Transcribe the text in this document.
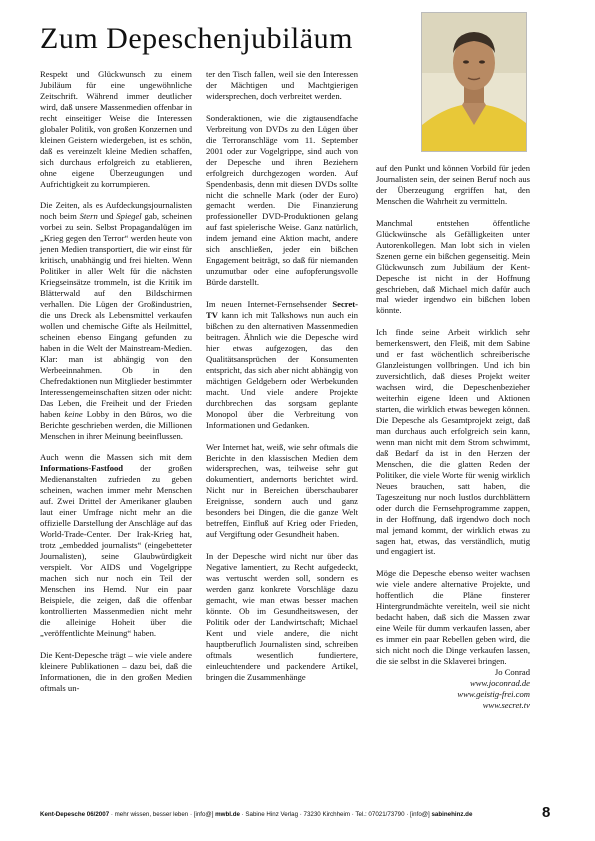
Zum Depeschenjubiläum

Respekt und Glückwunsch zu einem Jubiläum für eine ungewöhnliche Zeitschrift. Während immer deutlicher wird, daß unsere Massenmedien offenbar in recht einseitiger Weise die Interessen globaler Politik, von großen Konzernen und kleinen Geistern wiedergeben, ist es schön, daß es vereinzelt kleine Medien schaffen, sich durchaus erfolgreich zu etablieren, ohne eigene Überzeugungen und Aufrichtigkeit zu korrumpieren.

Die Zeiten, als es Aufdeckungsjournalisten noch beim Stern und Spiegel gab, scheinen vorbei zu sein. Selbst Propagandalügen im „Krieg gegen den Terror“ werden heute von jenen Medien transportiert, die wir einst für kritisch, unabhängig und frei hielten. Wenn Politiker in aller Welt für die nächsten Kriegseinsätze trommeln, ist die Kritik im Blätterwald auf den Bildschirmen verhallen. Die Lügen der Großindustrien, die uns Dreck als Lebensmittel verkaufen wollen und chemische Gifte als Heilmittel, scheinen ebenso Eingang gefunden zu haben in die Welt der Mainstream-Medien. Klar: man ist abhängig von den Werbeeinnahmen. Ob in den Chefredaktionen nun Mitglieder bestimmter Interessengemeinschaften sitzen oder nicht: Das Leben, die Freiheit und der Frieden haben keine Lobby in den Büros, wo die Berichte geschrieben werden, die Millionen Menschen in ihrer Meinung beeinflussen.

Auch wenn die Massen sich mit dem Informations-Fastfood der großen Medienanstalten zufrieden zu geben scheinen, wachen immer mehr Menschen auf. Zwei Drittel der Amerikaner glauben laut einer Umfrage nicht mehr an die offizielle Darstellung der Anschläge auf das World-Trade-Center. Der Irak-Krieg hat, trotz „embedded journalists“ (eingebetteter Journalisten), seine Glaubwürdigkeit verspielt. Vor AIDS und Vogelgrippe machen sich nur noch ein Teil der Menschen ins Hemd. Nur ein paar Beispiele, die zeigen, daß die offenbar kontrollierten Massenmedien nicht mehr die alleinige Hoheit über die „veröffentlichte Meinung“ haben.

Die Kent-Depesche trägt – wie viele andere kleinere Publikationen – dazu bei, daß die Informationen, die in den großen Medien oftmals un-

ter den Tisch fallen, weil sie den Interessen der Mächtigen und Machtgierigen widersprechen, doch verbreitet werden.

Sonderaktionen, wie die zigtausendfache Verbreitung von DVDs zu den Lügen über die Terroranschläge vom 11. September 2001 oder zur Vogelgrippe, sind auch von der Depesche und ihren Beziehern erfolgreich durchgezogen worden. Auf Spendenbasis, denn mit diesen DVDs sollte nicht die schnelle Mark (oder der Euro) gemacht werden. Die Finanzierung professioneller DVD-Produktionen gelang auf fast spielerische Weise. Ganz natürlich, indem jemand eine Aktion macht, andere sich anschließen, jeder ein bißchen Engagement beiträgt, so daß für niemanden unzumutbar oder eine aufopferungsvolle Bürde darstellt.

Im neuen Internet-Fernsehsender Secret-TV kann ich mit Talkshows nun auch ein bißchen zu den alternativen Massenmedien beitragen. Ähnlich wie die Depesche wird hier etwas aufgezogen, das den Qualitätsansprüchen der Konsumenten entspricht, das sich aber nicht abhängig von mächtigen Geldgebern oder Werbekunden macht. Und viele andere Projekte durchbrechen das sorgsam geplante Monopol über die Verbreitung von Informationen und Gedanken.

Wer Internet hat, weiß, wie sehr oftmals die Berichte in den klassischen Medien dem widersprechen, was, teilweise sehr gut dokumentiert, andernorts berichtet wird. Nicht nur in Bereichen überschaubarer Ereignisse, sondern auch und ganz besonders bei Dingen, die die ganze Welt betreffen, Einfluß auf Krieg oder Frieden, auf Vergiftung oder Gesundheit haben.

In der Depesche wird nicht nur über das Negative lamentiert, zu Recht aufgedeckt, was vertuscht werden soll, sondern es werden ganz konkrete Vorschläge dazu gemacht, wie man etwas besser machen könnte. Ob im Gesundheitswesen, der Politik oder der Landwirtschaft; Michael Kent und viele andere, die nicht hauptberuflich Journalisten sind, schreiben oftmals wesentlich fundiertere, einleuchtendere und packendere Artikel, bringen die Zusammenhänge

auf den Punkt und können Vorbild für jeden Journalisten sein, der seinen Beruf noch aus der Überzeugung ergriffen hat, den Menschen die Wahrheit zu vermitteln.

Manchmal entstehen öffentliche Glückwünsche als Gefälligkeiten unter Autorenkollegen. Man lobt sich in vielen Szenen gerne ein bißchen gegenseitig. Mein Glückwunsch zum Jubiläum der Kent-Depesche ist nicht in der Hoffnung geschrieben, daß Michael mich dafür auch mal wieder irgendwo ein bißchen loben könnte.

Ich finde seine Arbeit wirklich sehr bemerkenswert, den Fleiß, mit dem Sabine und er fast wöchentlich schreiberische Glanzleistungen vollbringen. Und ich bin zuversichtlich, daß dieses Projekt weiter wachsen wird, die Depeschenbezieher weiterhin eigene Ideen und Aktionen starten, die wirklich etwas bewegen können. Die Depesche als Gesamtprojekt zeigt, daß man durchaus auch erfolgreich sein kann, wenn man nicht mit dem Strom schwimmt, daß Bedarf da ist in den Herzen der Menschen, die die glatten Reden der Politiker, die viele Worte für wenig wirklich Neues brauchen, satt haben, die Tageszeitung nur noch lustlos durchblättern oder durch die Fernsehprogramme zappen, in der Hoffnung, daß irgendwo doch noch mal jemand kommt, der wirklich etwas zu sagen hat, etwas, das verständlich, mutig und engagiert ist.

Möge die Depesche ebenso weiter wachsen wie viele andere alternative Projekte, und hoffentlich die Pläne finsterer Hintergrundmächte vereiteln, weil sie nicht bedacht haben, daß sich die Massen zwar eine Weile für dumm verkaufen lassen, aber es immer ein paar Rebellen geben wird, die sich nicht noch die Dinge verkaufen lassen, die sie selbst in die Sklaverei bringen.

Jo Conrad
www.joconrad.de
www.geistig-frei.com
www.secret.tv

Kent-Depesche 06/2007 · mehr wissen, besser leben · [info@] mwbl.de · Sabine Hinz Verlag · 73230 Kirchheim · Tel.: 07021/73790 · [info@] sabinehinz.de	8
